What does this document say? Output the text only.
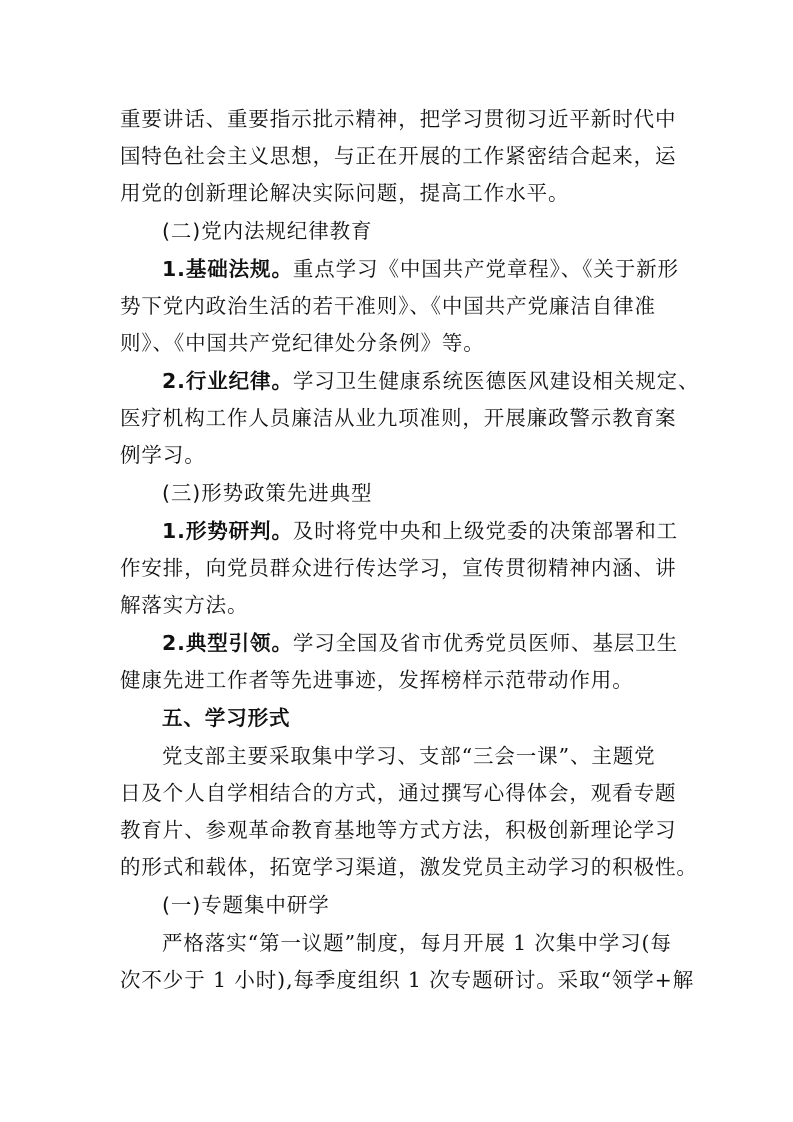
重要讲话、重要指示批示精神，把学习贯彻习近平新时代中
国特色社会主义思想，与正在开展的工作紧密结合起来，运
用党的创新理论解决实际问题，提高工作水平。
(二)党内法规纪律教育
1.基础法规。重点学习《中国共产党章程》、《关于新形
势下党内政治生活的若干准则》、《中国共产党廉洁自律准
则》、《中国共产党纪律处分条例》等。
2.行业纪律。学习卫生健康系统医德医风建设相关规定、
医疗机构工作人员廉洁从业九项准则，开展廉政警示教育案
例学习。
(三)形势政策先进典型
1.形势研判。及时将党中央和上级党委的决策部署和工
作安排，向党员群众进行传达学习，宣传贯彻精神内涵、讲
解落实方法。
2.典型引领。学习全国及省市优秀党员医师、基层卫生
健康先进工作者等先进事迹，发挥榜样示范带动作用。
五、学习形式
党支部主要采取集中学习、支部“三会一课”、主题党
日及个人自学相结合的方式，通过撰写心得体会，观看专题
教育片、参观革命教育基地等方式方法，积极创新理论学习
的形式和载体，拓宽学习渠道，激发党员主动学习的积极性。
(一)专题集中研学
严格落实“第一议题”制度，每月开展 1 次集中学习(每
次不少于 1 小时),每季度组织 1 次专题研讨。采取“领学+解
